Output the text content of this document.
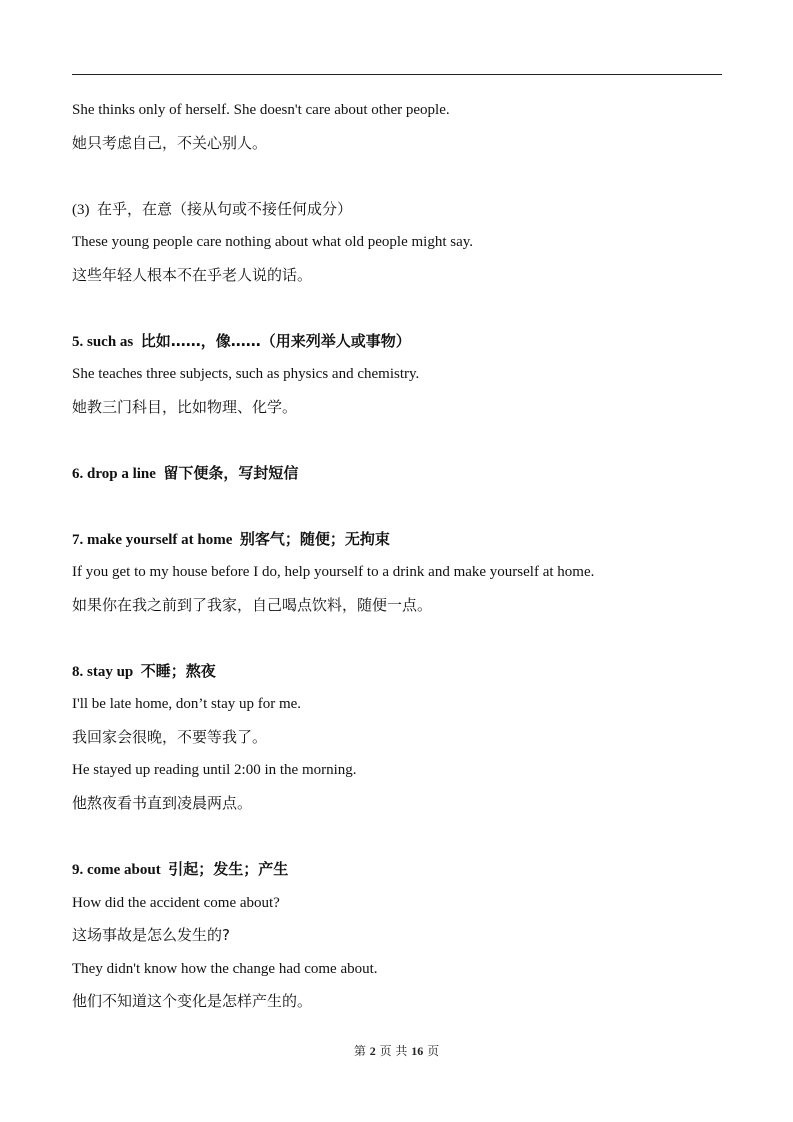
She thinks only of herself. She doesn't care about other people.
她只考虑自己，不关心别人。
(3) 在乎，在意（接从句或不接任何成分）
These young people care nothing about what old people might say.
这些年轻人根本不在乎老人说的话。
5. such as 比如……，像……（用来列举人或事物）
She teaches three subjects, such as physics and chemistry.
她教三门科目，比如物理、化学。
6. drop a line 留下便条，写封短信
7. make yourself at home 别客气；随便；无拘束
If you get to my house before I do, help yourself to a drink and make yourself at home.
如果你在我之前到了我家，自己喝点饮料，随便一点。
8. stay up 不睡；熬夜
I'll be late home, don’t stay up for me.
我回家会很晚，不要等我了。
He stayed up reading until 2:00 in the morning.
他熬夜看书直到凌晨两点。
9. come about 引起；发生；产生
How did the accident come about?
这场事故是怎么发生的?
They didn't know how the change had come about.
他们不知道这个变化是怎样产生的。
第 2 页 共 16 页
